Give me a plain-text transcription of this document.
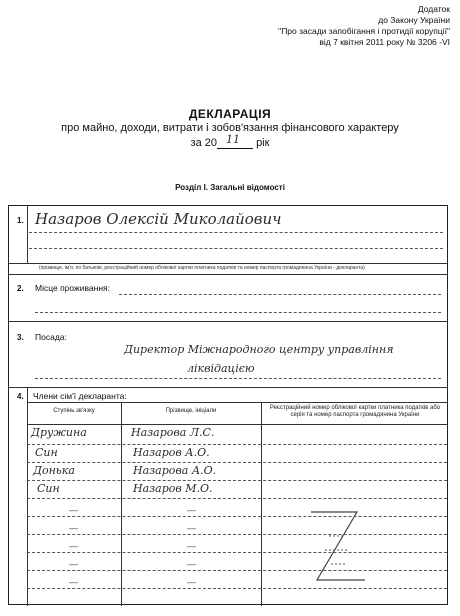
Додаток
до Закону України
"Про засади запобігання і протидії корупції"
від 7 квітня 2011 року № 3206 -VI
ДЕКЛАРАЦІЯ
про майно, доходи, витрати і зобов'язання фінансового характеру
за 20 11 рік
Розділ І. Загальні відомості
1. Назаров Олексій Миколайович
(прізвище, ім'я, по батькові, реєстраційний номер облікової картки платника податків та номер паспорта громадянина України - декларанта)
2. Місце проживання:
3. Посада:
Директор Міжнародного центру управління
ліквідацією
4. Члени сім'ї декларанта:
Ступінь зв'язку	Прізвище, ініціали	Реєстраційний номер облікової картки платника податків або серія та номер паспорта громадянина України
Дружина	Назарова Л.С.
Син	Назаров А.О.
Донька	Назарова А.О.
Син	Назаров М.О.
—	—
—	—
—	—
—	—
—	—
